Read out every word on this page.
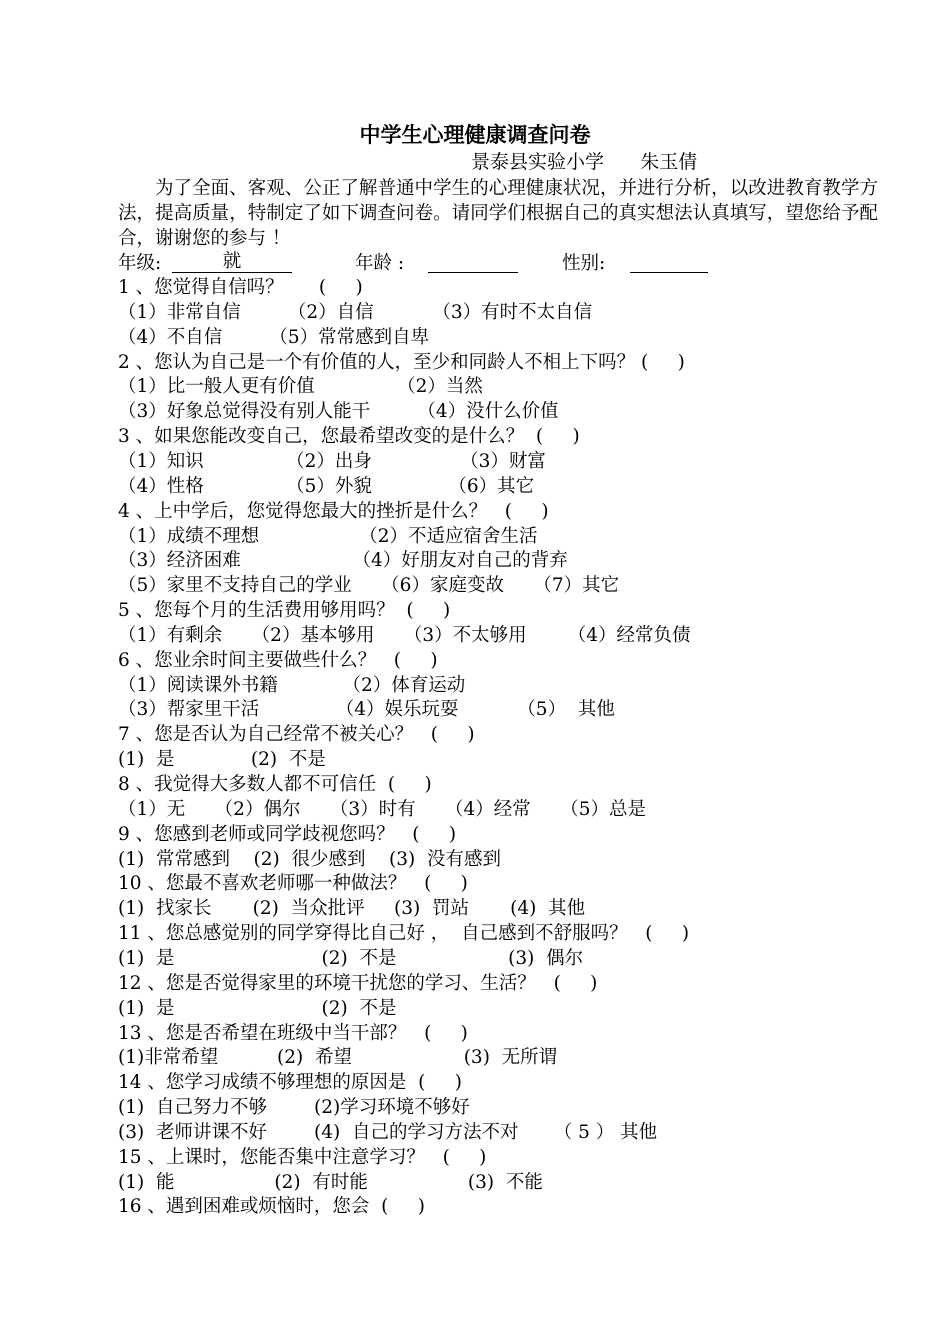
中学生心理健康调查问卷
景泰县实验小学      朱玉倩
为了全面、客观、公正了解普通中学生的心理健康状况，并进行分析，以改进教育教学方法，提高质量，特制定了如下调查问卷。请同学们根据自己的真实想法认真填写，望您给予配合，谢谢您的参与 ！
年级:	就	年龄 :	性别:
1 、您觉得自信吗？      (     )
（1）非常自信        （2）自信          （3）有时不太自信
（4）不自信        （5）常常感到自卑
2 、您认为自己是一个有价值的人，至少和同龄人不相上下吗？ (     )
（1）比一般人更有价值              （2）当然
（3）好象总觉得没有别人能干        （4）没什么价值
3 、如果您能改变自己，您最希望改变的是什么？  (     )
（1）知识              （2）出身               （3）财富
（4）性格              （5）外貌             （6）其它
4 、上中学后，您觉得您最大的挫折是什么？   (     )
（1）成绩不理想                 （2）不适应宿舍生活
（3）经济困难                   （4）好朋友对自己的背弃
（5）家里不支持自己的学业     （6）家庭变故     （7）其它
5 、您每个月的生活费用够用吗？  (     )
（1）有剩余     （2）基本够用     （3）不太够用       （4）经常负债
6 、您业余时间主要做些什么？   (     )
（1）阅读课外书籍           （2）体育运动
（3）帮家里干活             （4）娱乐玩耍          （5）  其他
7 、您是否认为自己经常不被关心？   (     )
(1)  是             (2)  不是
8 、我觉得大多数人都不可信任  (     )
（1）无     （2）偶尔     （3）时有     （4）经常     （5）总是
9 、您感到老师或同学歧视您吗？   (     )
(1)  常常感到    (2)  很少感到    (3)  没有感到
10 、您最不喜欢老师哪一种做法？   (     )
(1)  找家长       (2)  当众批评     (3)  罚站       (4)  其他
11 、您总感觉别的同学穿得比自己好 ，  自己感到不舒服吗？   (     )
(1)  是                         (2)  不是                   (3)  偶尔
12 、您是否觉得家里的环境干扰您的学习、生活？   (     )
(1)  是                         (2)  不是
13 、您是否希望在班级中当干部？   (     )
(1)非常希望          (2)  希望                   (3)  无所谓
14 、您学习成绩不够理想的原因是  (     )
(1)  自己努力不够        (2)学习环境不够好
(3)  老师讲课不好        (4)  自己的学习方法不对      （ 5 ） 其他
15 、上课时，您能否集中注意学习？   (     )
(1)  能                 (2)  有时能                 (3)  不能
16 、遇到困难或烦恼时，您会  (     )
